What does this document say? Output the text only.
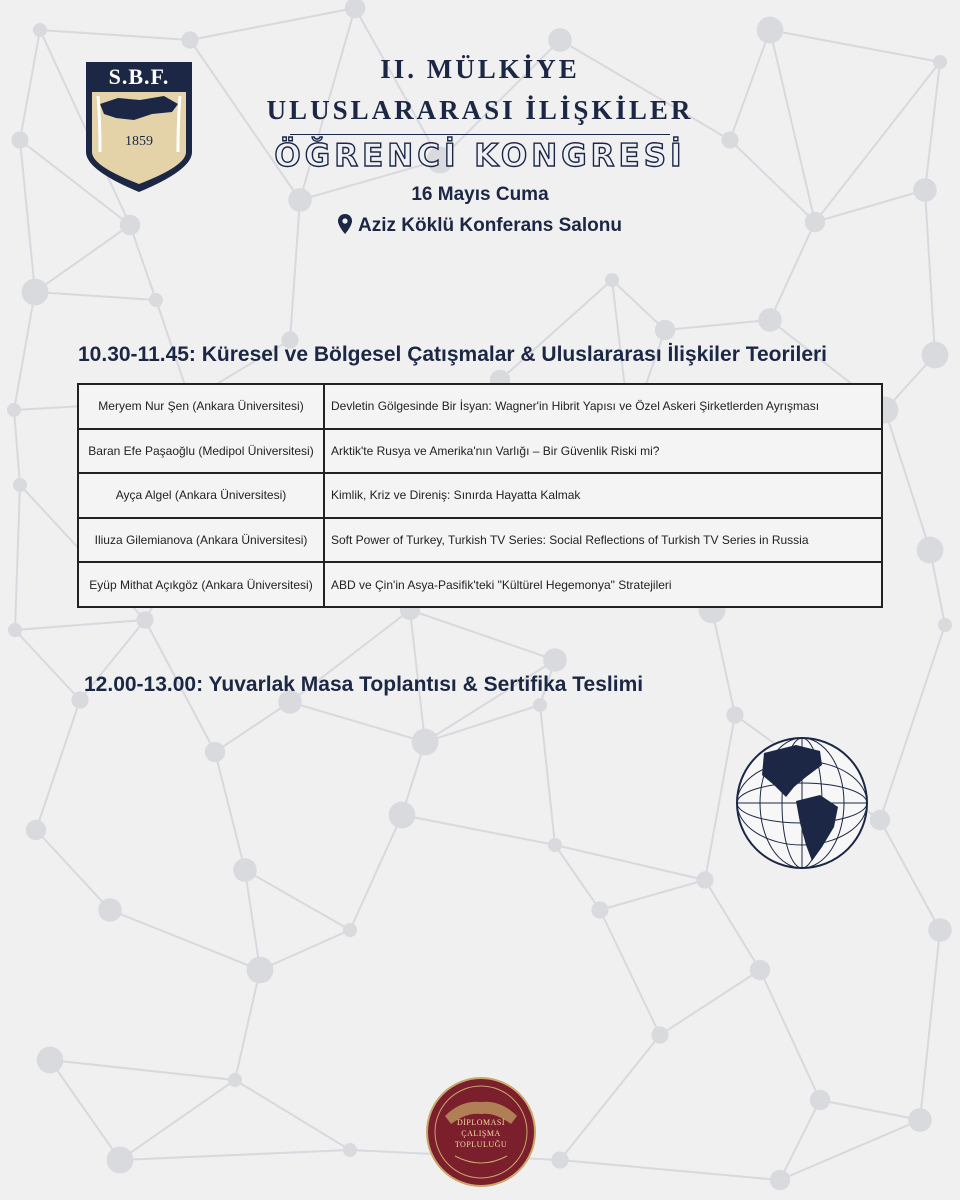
S.B.F.
1859
II. MÜLKİYE
ULUSLARARASI İLİŞKİLER
ÖĞRENCİ KONGRESİ
16 Mayıs Cuma
Aziz Köklü Konferans Salonu
10.30-11.45: Küresel ve Bölgesel Çatışmalar & Uluslararası İlişkiler Teorileri
Meryem Nur Şen (Ankara Üniversitesi)	Devletin Gölgesinde Bir İsyan: Wagner'in Hibrit Yapısı ve Özel Askeri Şirketlerden Ayrışması
Baran Efe Paşaoğlu (Medipol Üniversitesi)	Arktik'te Rusya ve Amerika'nın Varlığı – Bir Güvenlik Riski mi?
Ayça Algel (Ankara Üniversitesi)	Kimlik, Kriz ve Direniş: Sınırda Hayatta Kalmak
Iliuza Gilemianova (Ankara Üniversitesi)	Soft Power of Turkey, Turkish TV Series: Social Reflections of Turkish TV Series in Russia
Eyüp Mithat Açıkgöz (Ankara Üniversitesi)	ABD ve Çin'in Asya-Pasifik'teki "Kültürel Hegemonya" Stratejileri
12.00-13.00: Yuvarlak Masa Toplantısı & Sertifika Teslimi
DİPLOMASİ
ÇALIŞMA
TOPLULUĞU
